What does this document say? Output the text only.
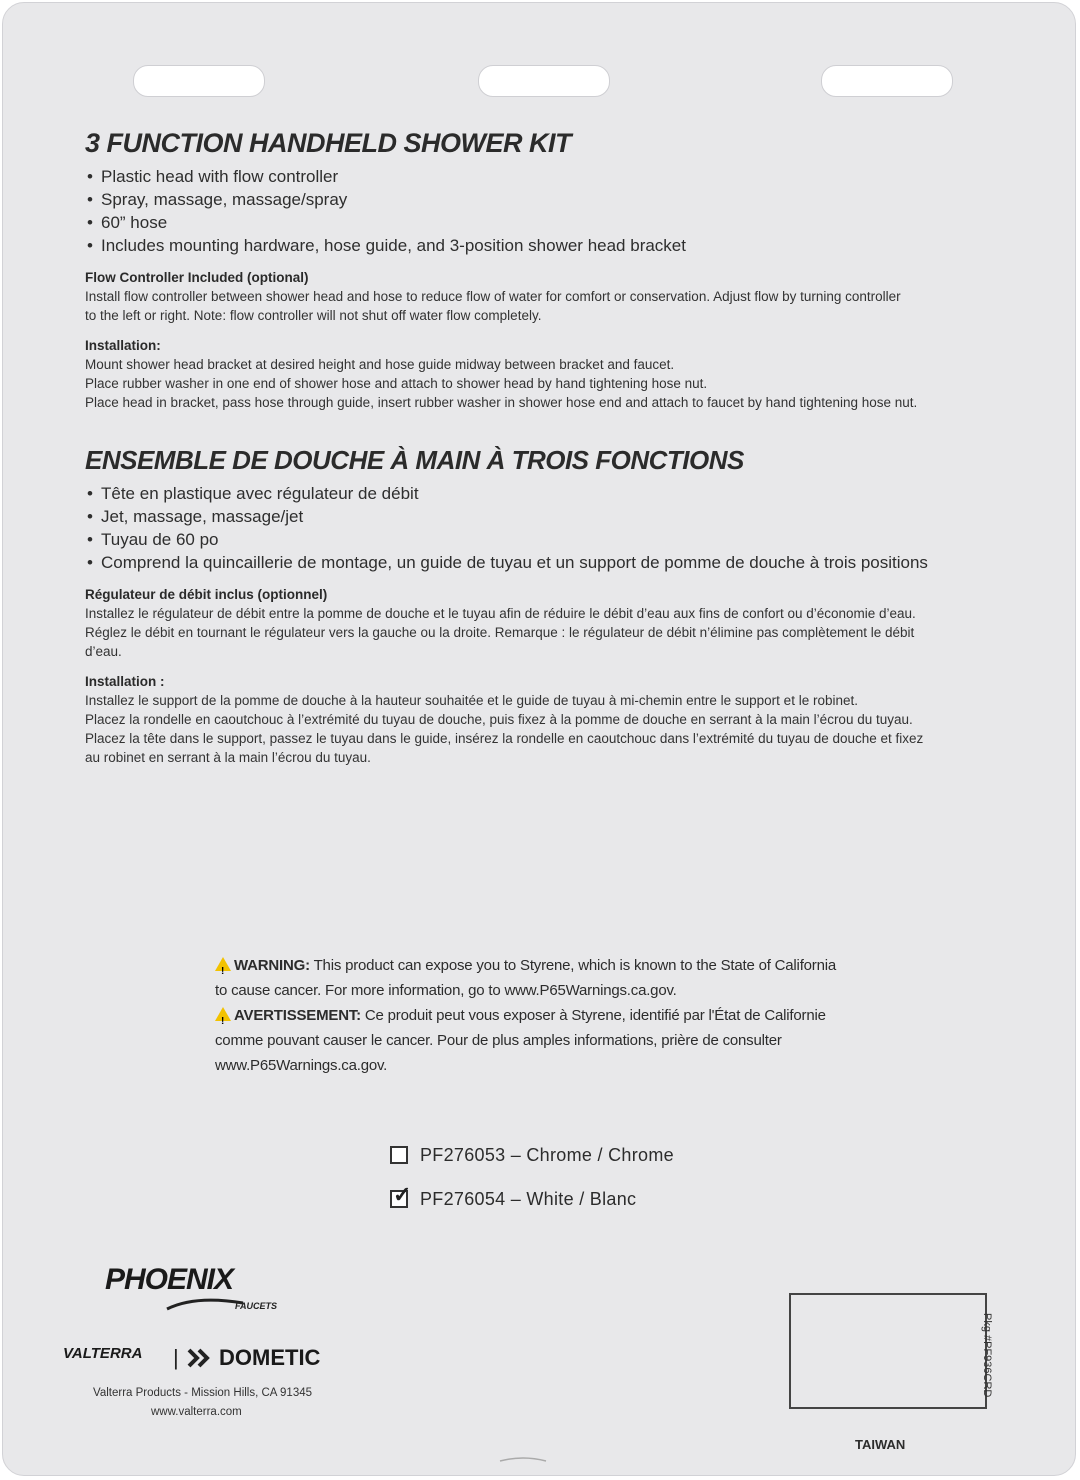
3 FUNCTION HANDHELD SHOWER KIT
• Plastic head with flow controller
• Spray, massage, massage/spray
• 60” hose
• Includes mounting hardware, hose guide, and 3-position shower head bracket
Flow Controller Included (optional)
Install flow controller between shower head and hose to reduce flow of water for comfort or conservation. Adjust flow by turning controller
to the left or right. Note: flow controller will not shut off water flow completely.
Installation:
Mount shower head bracket at desired height and hose guide midway between bracket and faucet.
Place rubber washer in one end of shower hose and attach to shower head by hand tightening hose nut.
Place head in bracket, pass hose through guide, insert rubber washer in shower hose end and attach to faucet by hand tightening hose nut.
ENSEMBLE DE DOUCHE À MAIN À TROIS FONCTIONS
• Tête en plastique avec régulateur de débit
• Jet, massage, massage/jet
• Tuyau de 60 po
• Comprend la quincaillerie de montage, un guide de tuyau et un support de pomme de douche à trois positions
Régulateur de débit inclus (optionnel)
Installez le régulateur de débit entre la pomme de douche et le tuyau afin de réduire le débit d’eau aux fins de confort ou d’économie d’eau.
Réglez le débit en tournant le régulateur vers la gauche ou la droite. Remarque : le régulateur de débit n’élimine pas complètement le débit
d’eau.
Installation :
Installez le support de la pomme de douche à la hauteur souhaitée et le guide de tuyau à mi-chemin entre le support et le robinet.
Placez la rondelle en caoutchouc à l’extrémité du tuyau de douche, puis fixez à la pomme de douche en serrant à la main l’écrou du tuyau.
Placez la tête dans le support, passez le tuyau dans le guide, insérez la rondelle en caoutchouc dans l’extrémité du tuyau de douche et fixez
au robinet en serrant à la main l’écrou du tuyau.
!WARNING: This product can expose you to Styrene, which is known to the State of California
to cause cancer. For more information, go to www.P65Warnings.ca.gov.
!AVERTISSEMENT: Ce produit peut vous exposer à Styrene, identifié par l'État de Californie
comme pouvant causer le cancer. Pour de plus amples informations, prière de consulter
www.P65Warnings.ca.gov.
PF276053 – Chrome / Chrome
✓
PF276054 – White / Blanc
PHOENIX
FAUCETS
VALTERRA | DOMETIC
Valterra Products - Mission Hills, CA 91345
www.valterra.com
Pkg #PF936CRD
TAIWAN
